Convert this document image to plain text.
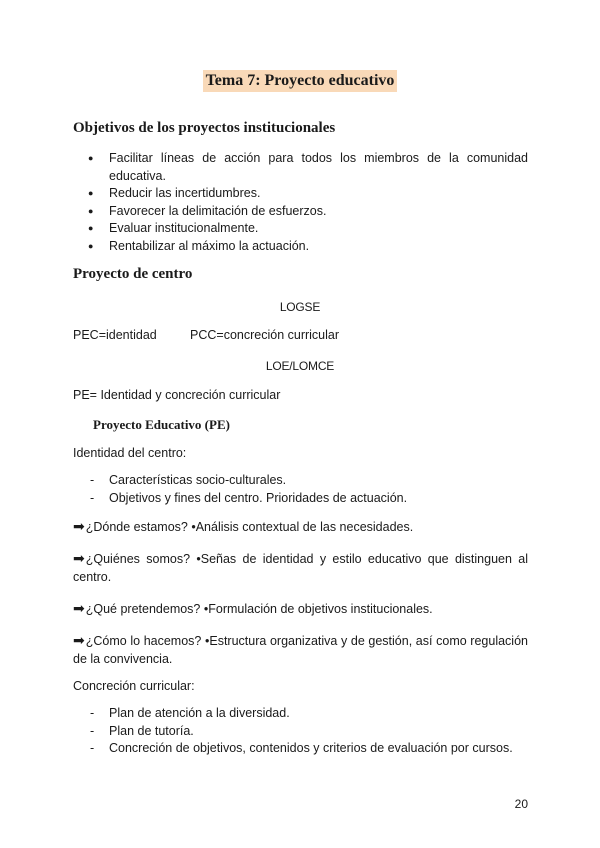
Tema 7: Proyecto educativo
Objetivos de los proyectos institucionales
● Facilitar líneas de acción para todos los miembros de la comunidad educativa.
● Reducir las incertidumbres.
● Favorecer la delimitación de esfuerzos.
● Evaluar institucionalmente.
● Rentabilizar al máximo la actuación.
Proyecto de centro
LOGSE
PEC=identidad	PCC=concreción curricular
LOE/LOMCE
PE= Identidad y concreción curricular
Proyecto Educativo (PE)
Identidad del centro:
- Características socio-culturales.
- Objetivos y fines del centro. Prioridades de actuación.
➡¿Dónde estamos? •Análisis contextual de las necesidades.
➡¿Quiénes somos? •Señas de identidad y estilo educativo que distinguen al centro.
➡¿Qué pretendemos? •Formulación de objetivos institucionales.
➡¿Cómo lo hacemos? •Estructura organizativa y de gestión, así como regulación de la convivencia.
Concreción curricular:
- Plan de atención a la diversidad.
- Plan de tutoría.
- Concreción de objetivos, contenidos y criterios de evaluación por cursos.
20
